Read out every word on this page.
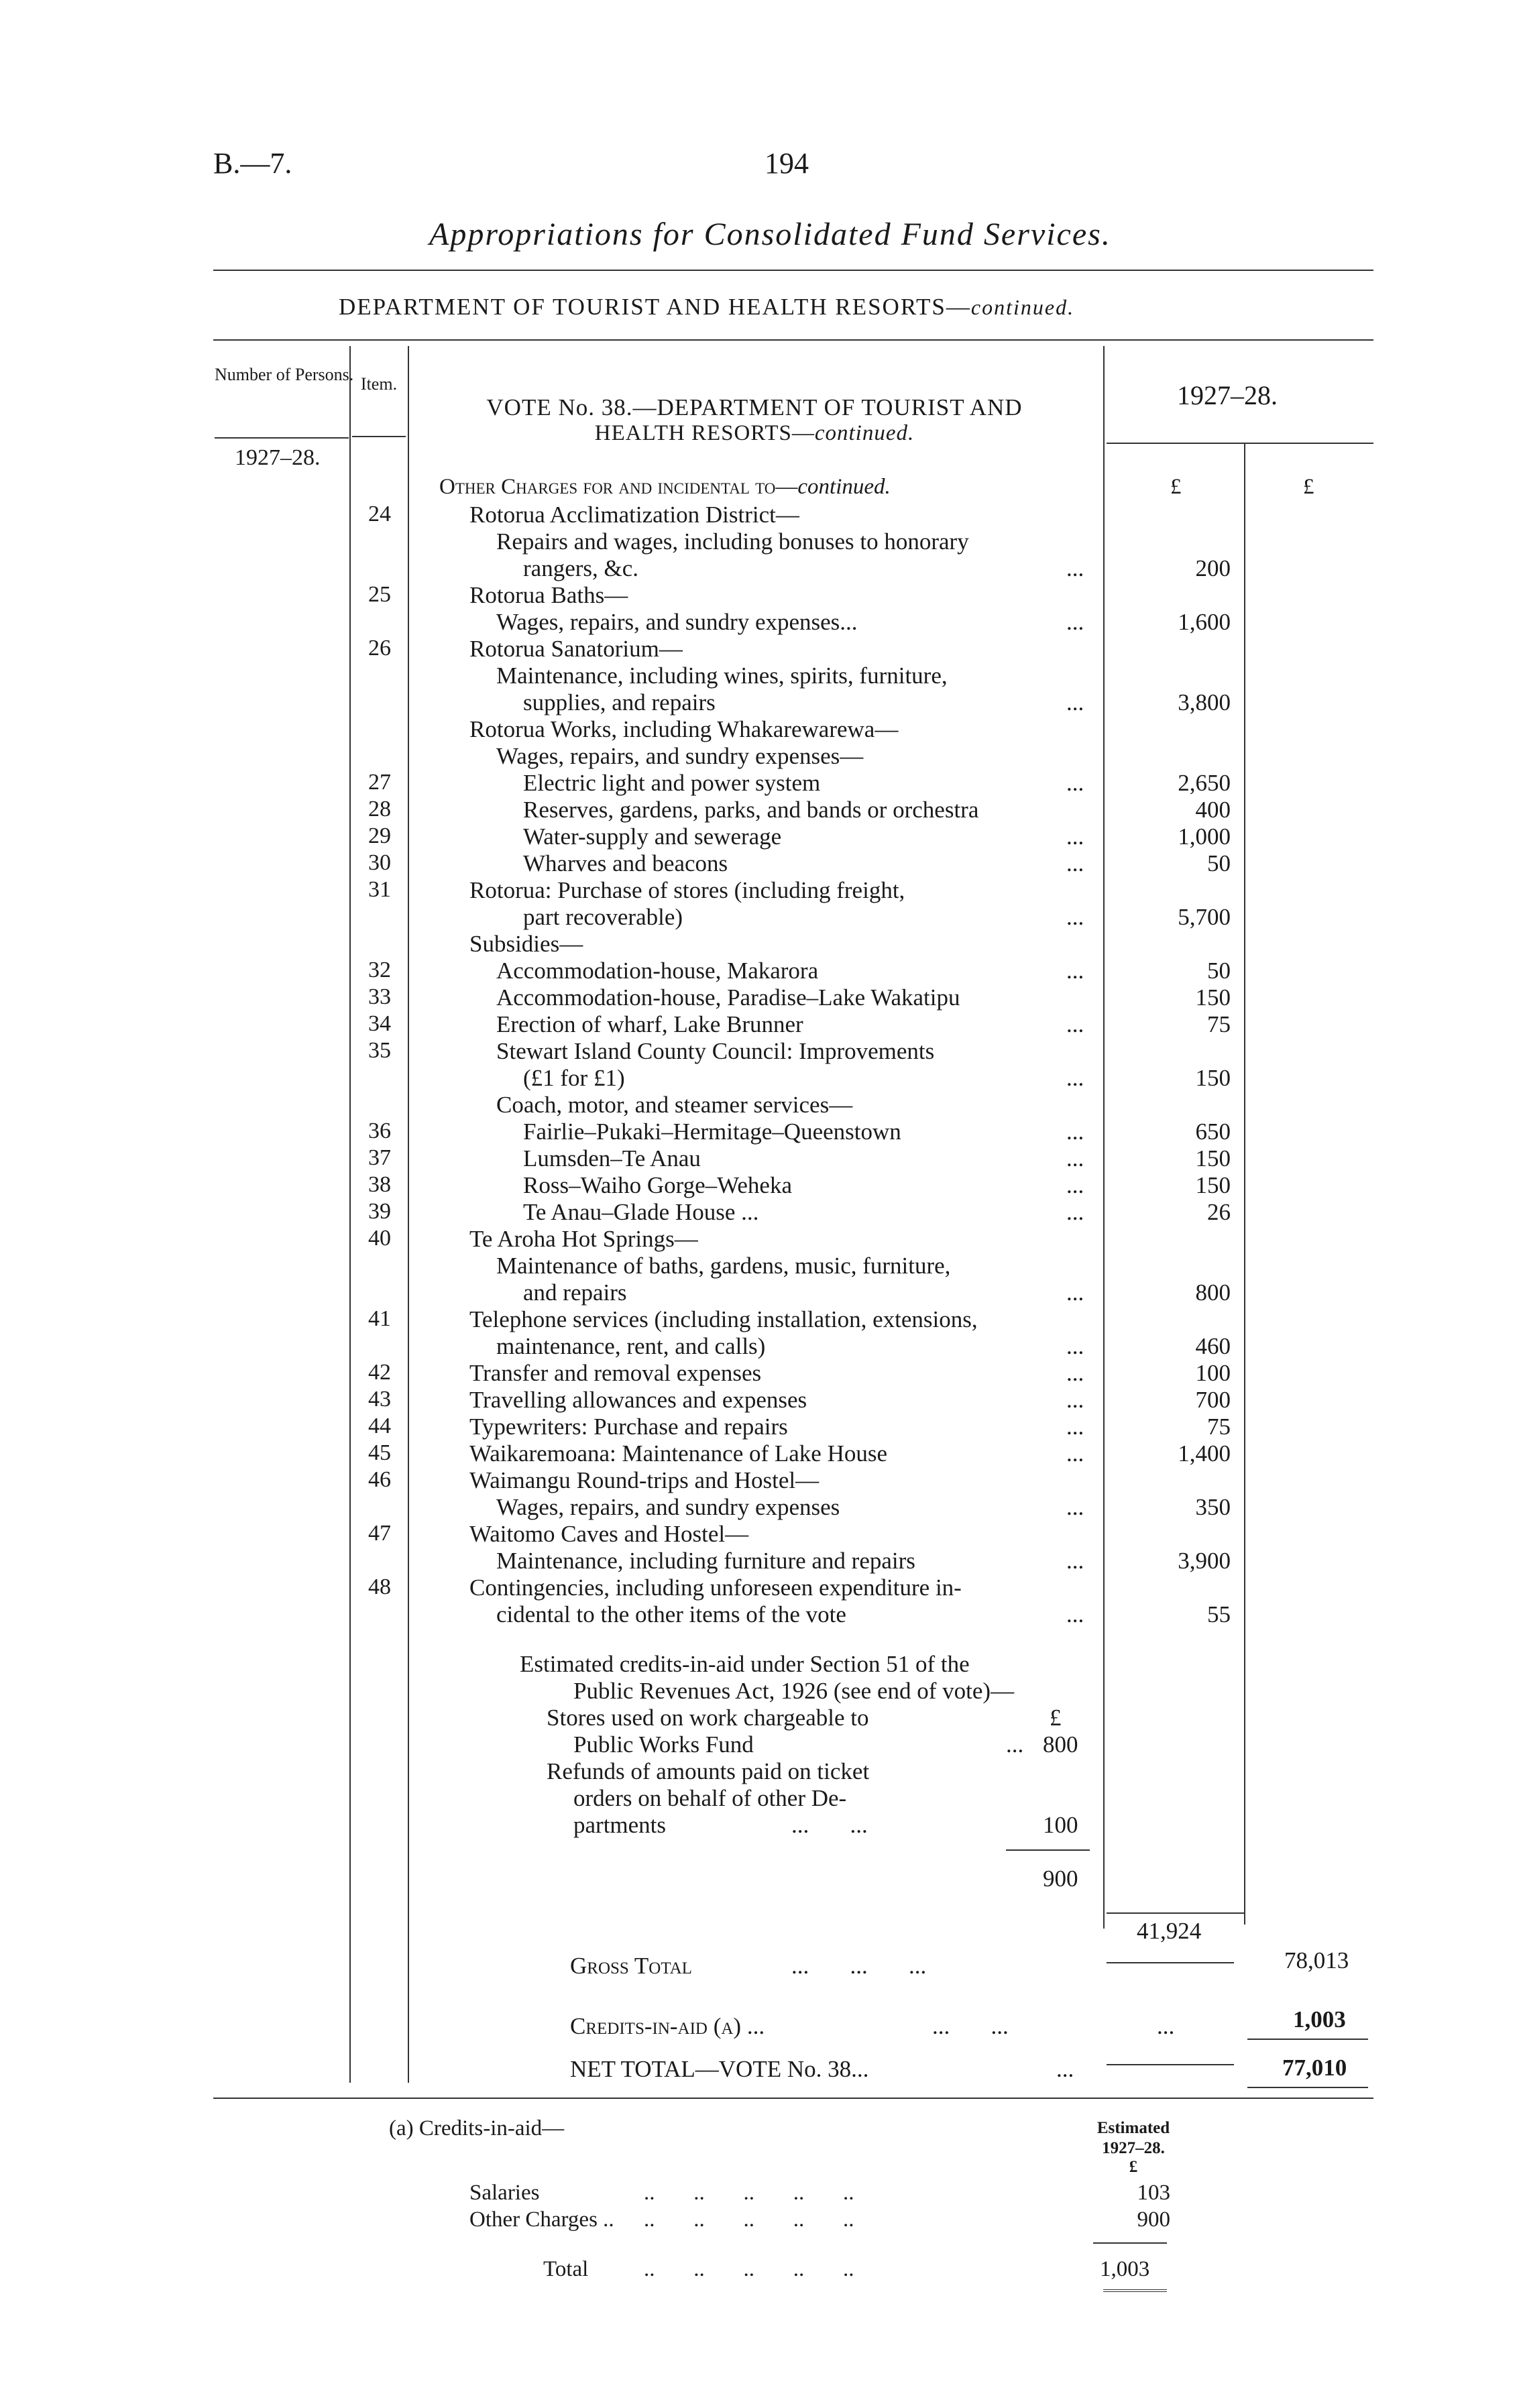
B.—7.	194
Appropriations for Consolidated Fund Services.
DEPARTMENT OF TOURIST AND HEALTH RESORTS—continued.
Number of Persons. Item.
1927–28.
VOTE No. 38.—DEPARTMENT OF TOURIST AND
HEALTH RESORTS—continued.
1927–28.
Other Charges for and incidental to—continued.	£	£
24	Rotorua Acclimatization District—
Repairs and wages, including bonuses to honorary
rangers, &c.	...	200
25	Rotorua Baths—
Wages, repairs, and sundry expenses...	...	1,600
26	Rotorua Sanatorium—
Maintenance, including wines, spirits, furniture,
supplies, and repairs	...	3,800
Rotorua Works, including Whakarewarewa—
Wages, repairs, and sundry expenses—
27	Electric light and power system	...	2,650
28	Reserves, gardens, parks, and bands or orchestra	400
29	Water-supply and sewerage	...	1,000
30	Wharves and beacons	...	50
31	Rotorua: Purchase of stores (including freight,
part recoverable)	...	5,700
Subsidies—
32	Accommodation-house, Makarora	...	50
33	Accommodation-house, Paradise–Lake Wakatipu	150
34	Erection of wharf, Lake Brunner	...	75
35	Stewart Island County Council: Improvements
(£1 for £1)	...	150
Coach, motor, and steamer services—
36	Fairlie–Pukaki–Hermitage–Queenstown	...	650
37	Lumsden–Te Anau	...	150
38	Ross–Waiho Gorge–Weheka	...	150
39	Te Anau–Glade House ...	...	26
40	Te Aroha Hot Springs—
Maintenance of baths, gardens, music, furniture,
and repairs	...	800
41	Telephone services (including installation, extensions,
maintenance, rent, and calls)	...	460
42	Transfer and removal expenses	...	100
43	Travelling allowances and expenses	...	700
44	Typewriters: Purchase and repairs	...	75
45	Waikaremoana: Maintenance of Lake House	...	1,400
46	Waimangu Round-trips and Hostel—
Wages, repairs, and sundry expenses	...	350
47	Waitomo Caves and Hostel—
Maintenance, including furniture and repairs	...	3,900
48	Contingencies, including unforeseen expenditure in-
cidental to the other items of the vote	...	55
Estimated credits-in-aid under Section 51 of the
Public Revenues Act, 1926 (see end of vote)—
Stores used on work chargeable to	£
Public Works Fund	... 800
Refunds of amounts paid on ticket
orders on behalf of other De-
partments	...       ...	100
900
41,924
Gross Total	...       ...       ...	78,013
Credits-in-aid (a) ...	...       ...	...	1,003
NET TOTAL—VOTE No. 38...	...	77,010
(a) Credits-in-aid—	Estimated
1927–28.
£
Salaries	..       ..       ..       ..       ..	103
Other Charges .. ..       ..       ..       ..       ..	900
Total	..       ..       ..       ..       ..	1,003
